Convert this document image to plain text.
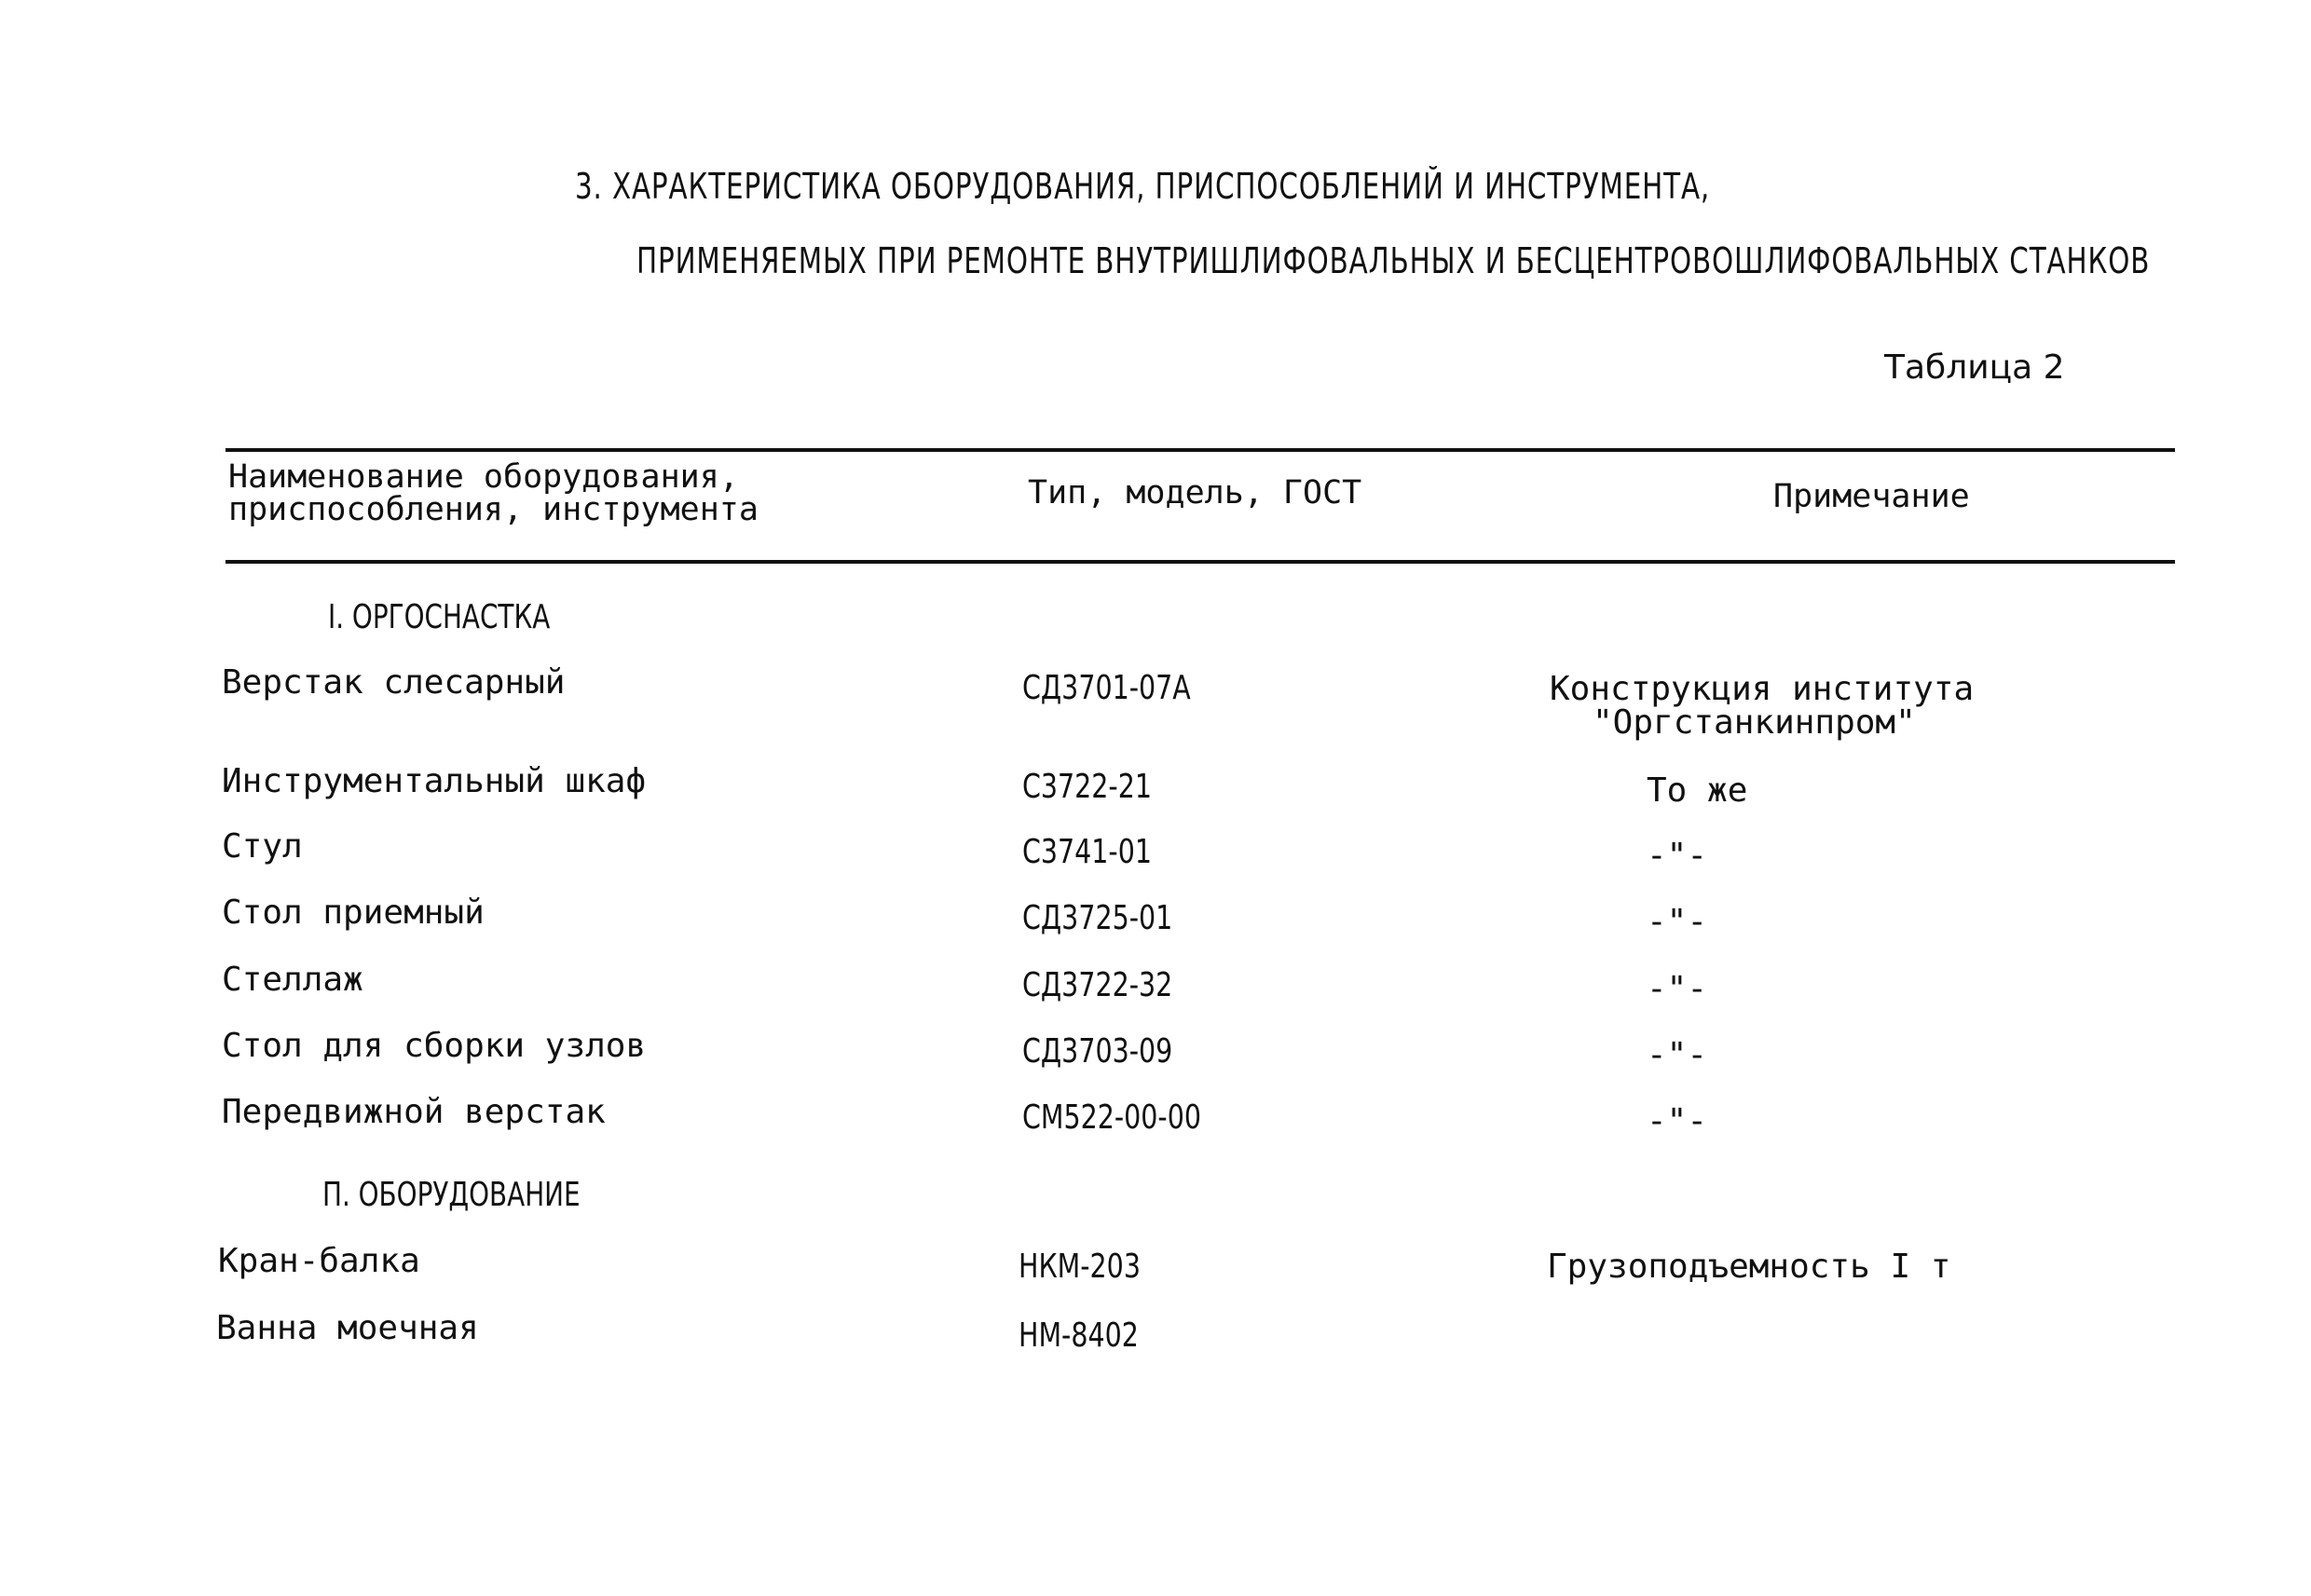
3. ХАРАКТЕРИСТИКА ОБОРУДОВАНИЯ, ПРИСПОСОБЛЕНИЙ И ИНСТРУМЕНТА,
ПРИМЕНЯЕМЫХ ПРИ РЕМОНТЕ ВНУТРИШЛИФОВАЛЬНЫХ И БЕСЦЕНТРОВОШЛИФОВАЛЬНЫХ СТАНКОВ
Таблица 2
Наименование оборудования,
приспособления, инструмента	Тип, модель, ГОСТ	Примечание
I. ОРГОСНАСТКА
Верстак слесарный	СД3701-07А	Конструкция института
"Оргстанкинпром"
Инструментальный шкаф	С3722-21	То же
Стул	С3741-01	-"-
Стол приемный	СД3725-01	-"-
Стеллаж	СД3722-32	-"-
Стол для сборки узлов	СД3703-09	-"-
Передвижной верстак	СМ522-00-00	-"-
П. ОБОРУДОВАНИЕ
Кран-балка	НКМ-203	Грузоподъемность I т
Ванна моечная	НМ-8402
